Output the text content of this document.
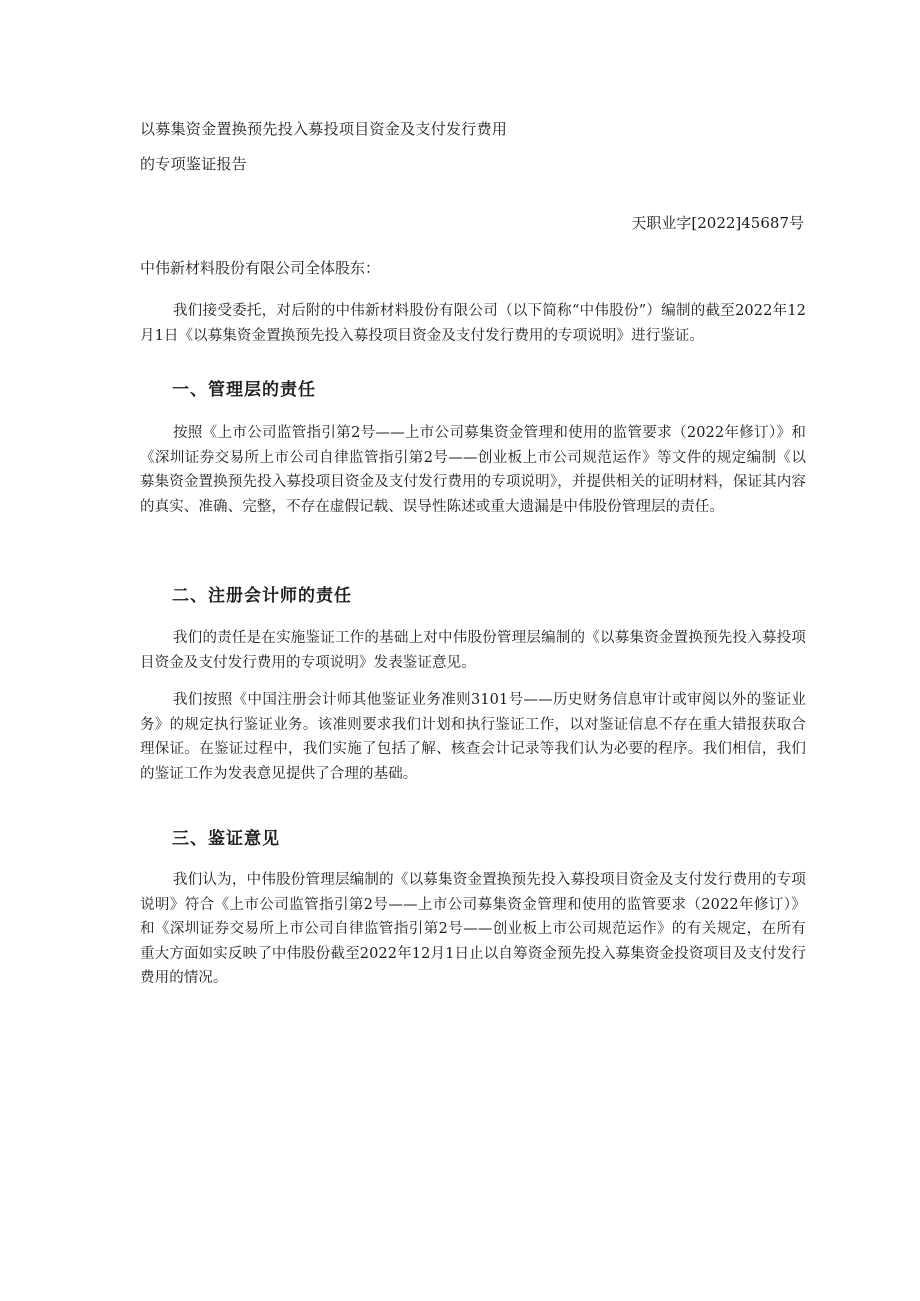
以募集资金置换预先投入募投项目资金及支付发行费用
的专项鉴证报告
天职业字[2022]45687号
中伟新材料股份有限公司全体股东：

我们接受委托，对后附的中伟新材料股份有限公司（以下简称“中伟股份”）编制的截至2022年12月1日《以募集资金置换预先投入募投项目资金及支付发行费用的专项说明》进行鉴证。

一、管理层的责任

按照《上市公司监管指引第2号——上市公司募集资金管理和使用的监管要求（2022年修订）》和《深圳证券交易所上市公司自律监管指引第2号——创业板上市公司规范运作》等文件的规定编制《以募集资金置换预先投入募投项目资金及支付发行费用的专项说明》，并提供相关的证明材料，保证其内容的真实、准确、完整，不存在虚假记载、误导性陈述或重大遗漏是中伟股份管理层的责任。

二、注册会计师的责任

我们的责任是在实施鉴证工作的基础上对中伟股份管理层编制的《以募集资金置换预先投入募投项目资金及支付发行费用的专项说明》发表鉴证意见。

我们按照《中国注册会计师其他鉴证业务准则3101号——历史财务信息审计或审阅以外的鉴证业务》的规定执行鉴证业务。该准则要求我们计划和执行鉴证工作，以对鉴证信息不存在重大错报获取合理保证。在鉴证过程中，我们实施了包括了解、核查会计记录等我们认为必要的程序。我们相信，我们的鉴证工作为发表意见提供了合理的基础。

三、鉴证意见

我们认为，中伟股份管理层编制的《以募集资金置换预先投入募投项目资金及支付发行费用的专项说明》符合《上市公司监管指引第2号——上市公司募集资金管理和使用的监管要求（2022年修订）》和《深圳证券交易所上市公司自律监管指引第2号——创业板上市公司规范运作》的有关规定，在所有重大方面如实反映了中伟股份截至2022年12月1日止以自筹资金预先投入募集资金投资项目及支付发行费用的情况。
